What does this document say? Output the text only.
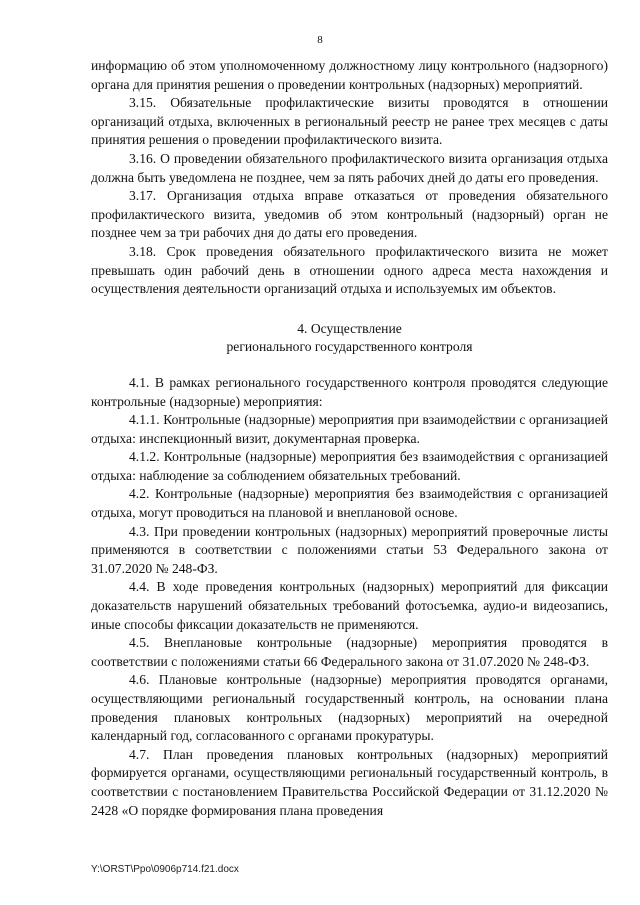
8

информацию об этом уполномоченному должностному лицу контрольного (надзорного) органа для принятия решения о проведении контрольных (надзорных) мероприятий.

3.15. Обязательные профилактические визиты проводятся в отношении организаций отдыха, включенных в региональный реестр не ранее трех месяцев с даты принятия решения о проведении профилактического визита.

3.16. О проведении обязательного профилактического визита организация отдыха должна быть уведомлена не позднее, чем за пять рабочих дней до даты его проведения.

3.17. Организация отдыха вправе отказаться от проведения обязательного профилактического визита, уведомив об этом контрольный (надзорный) орган не позднее чем за три рабочих дня до даты его проведения.

3.18. Срок проведения обязательного профилактического визита не может превышать один рабочий день в отношении одного адреса места нахождения и осуществления деятельности организаций отдыха и используемых им объектов.

4. Осуществление
регионального государственного контроля

4.1. В рамках регионального государственного контроля проводятся следующие контрольные (надзорные) мероприятия:

4.1.1. Контрольные (надзорные) мероприятия при взаимодействии с организацией отдыха: инспекционный визит, документарная проверка.

4.1.2. Контрольные (надзорные) мероприятия без взаимодействия с организацией отдыха: наблюдение за соблюдением обязательных требований.

4.2. Контрольные (надзорные) мероприятия без взаимодействия с организацией отдыха, могут проводиться на плановой и внеплановой основе.

4.3. При проведении контрольных (надзорных) мероприятий проверочные листы применяются в соответствии с положениями статьи 53 Федерального закона от 31.07.2020 № 248-ФЗ.

4.4. В ходе проведения контрольных (надзорных) мероприятий для фиксации доказательств нарушений обязательных требований фотосъемка, аудио-и видеозапись, иные способы фиксации доказательств не применяются.

4.5. Внеплановые контрольные (надзорные) мероприятия проводятся в соответствии с положениями статьи 66 Федерального закона от 31.07.2020 № 248-ФЗ.

4.6. Плановые контрольные (надзорные) мероприятия проводятся органами, осуществляющими региональный государственный контроль, на основании плана проведения плановых контрольных (надзорных) мероприятий на очередной календарный год, согласованного с органами прокуратуры.

4.7. План проведения плановых контрольных (надзорных) мероприятий формируется органами, осуществляющими региональный государственный контроль, в соответствии с постановлением Правительства Российской Федерации от 31.12.2020 № 2428 «О порядке формирования плана проведения

Y:\ORST\Ppo\0906p714.f21.docx
